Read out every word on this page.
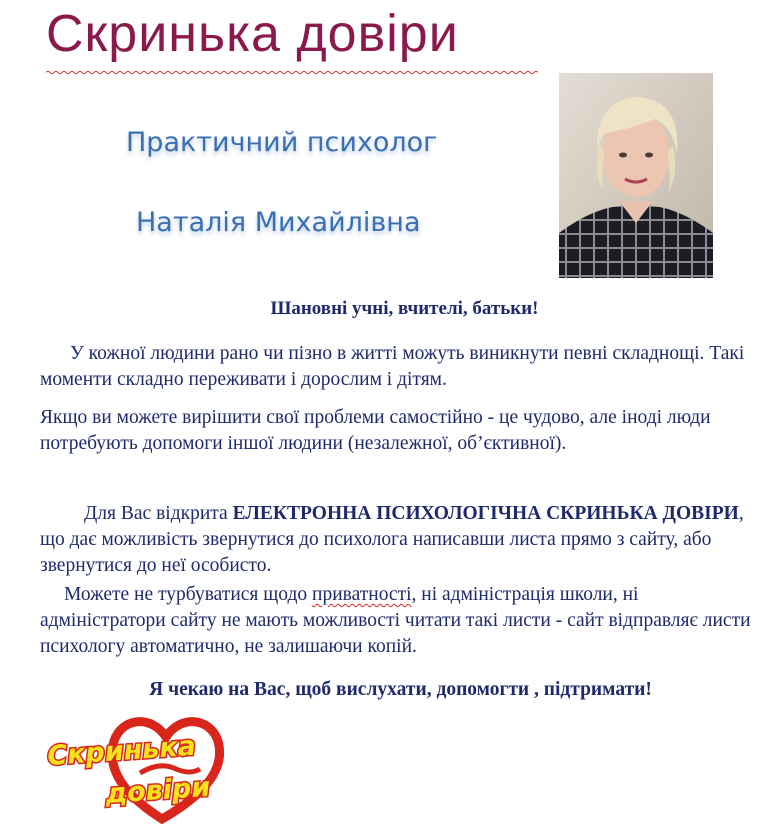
Скринька довіри
Практичний психолог
Наталія Михайлівна
Шановні учні, вчителі, батьки!
У кожної людини рано чи пізно в житті можуть виникнути певні складнощі. Такі моменти складно переживати і дорослим і дітям.
Якщо ви можете вирішити свої проблеми самостійно - це чудово, але іноді люди потребують допомоги іншої людини (незалежної, об’єктивної).
Для Вас відкрита ЕЛЕКТРОННА ПСИХОЛОГІЧНА СКРИНЬКА ДОВІРИ, що дає можливість звернутися до психолога написавши листа прямо з сайту, або звернутися до неї особисто.
Можете не турбуватися щодо приватності, ні адміністрація школи, ні адміністратори сайту не мають можливості читати такі листи - сайт відправляє листи психологу автоматично, не залишаючи копій.
Я чекаю на Вас, щоб вислухати, допомогти , підтримати!
Скринька
довіри
